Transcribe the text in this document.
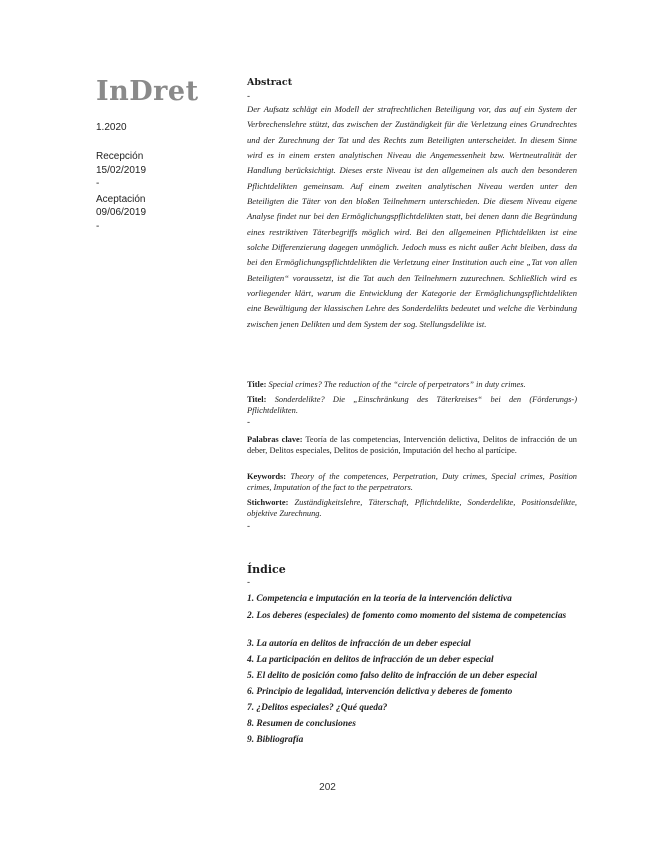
InDret
1.2020
Recepción
15/02/2019
-
Aceptación
09/06/2019
-
Abstract
-
Der Aufsatz schlägt ein Modell der strafrechtlichen Beteiligung vor, das auf ein System der Verbrechenslehre stützt, das zwischen der Zuständigkeit für die Verletzung eines Grundrechtes und der Zurechnung der Tat und des Rechts zum Beteiligten unterscheidet. In diesem Sinne wird es in einem ersten analytischen Niveau die Angemessenheit bzw. Wertneutralität der Handlung berücksichtigt. Dieses erste Niveau ist den allgemeinen als auch den besonderen Pflichtdelikten gemeinsam. Auf einem zweiten analytischen Niveau werden unter den Beteiligten die Täter von den bloßen Teilnehmern unterschieden. Die diesem Niveau eigene Analyse findet nur bei den Ermöglichungspflichtdelikten statt, bei denen dann die Begründung eines restriktiven Täterbegriffs möglich wird. Bei den allgemeinen Pflichtdelikten ist eine solche Differenzierung dagegen unmöglich. Jedoch muss es nicht außer Acht bleiben, dass da bei den Ermöglichungspflichtdelikten die Verletzung einer Institution auch eine „Tat von allen Beteiligten“ voraussetzt, ist die Tat auch den Teilnehmern zuzurechnen. Schließlich wird es vorliegender klärt, warum die Entwicklung der Kategorie der Ermöglichungspflichtdelikten eine Bewältigung der klassischen Lehre des Sonderdelikts bedeutet und welche die Verbindung zwischen jenen Delikten und dem System der sog. Stellungsdelikte ist.
Title: Special crimes? The reduction of the “circle of perpetrators” in duty crimes.
Titel: Sonderdelikte? Die „Einschränkung des Täterkreises“ bei den (Förderungs-) Pflichtdelikten.
-
Palabras clave: Teoría de las competencias, Intervención delictiva, Delitos de infracción de un deber, Delitos especiales, Delitos de posición, Imputación del hecho al partícipe.
Keywords: Theory of the competences, Perpetration, Duty crimes, Special crimes, Position crimes, Imputation of the fact to the perpetrators.
Stichworte: Zuständigkeitslehre, Täterschaft, Pflichtdelikte, Sonderdelikte, Positionsdelikte, objektive Zurechnung.
-
Índice
-
1. Competencia e imputación en la teoría de la intervención delictiva
2. Los deberes (especiales) de fomento como momento del sistema de competencias
3. La autoría en delitos de infracción de un deber especial
4. La participación en delitos de infracción de un deber especial
5. El delito de posición como falso delito de infracción de un deber especial
6. Principio de legalidad, intervención delictiva y deberes de fomento
7. ¿Delitos especiales? ¿Qué queda?
8. Resumen de conclusiones
9. Bibliografía
202
